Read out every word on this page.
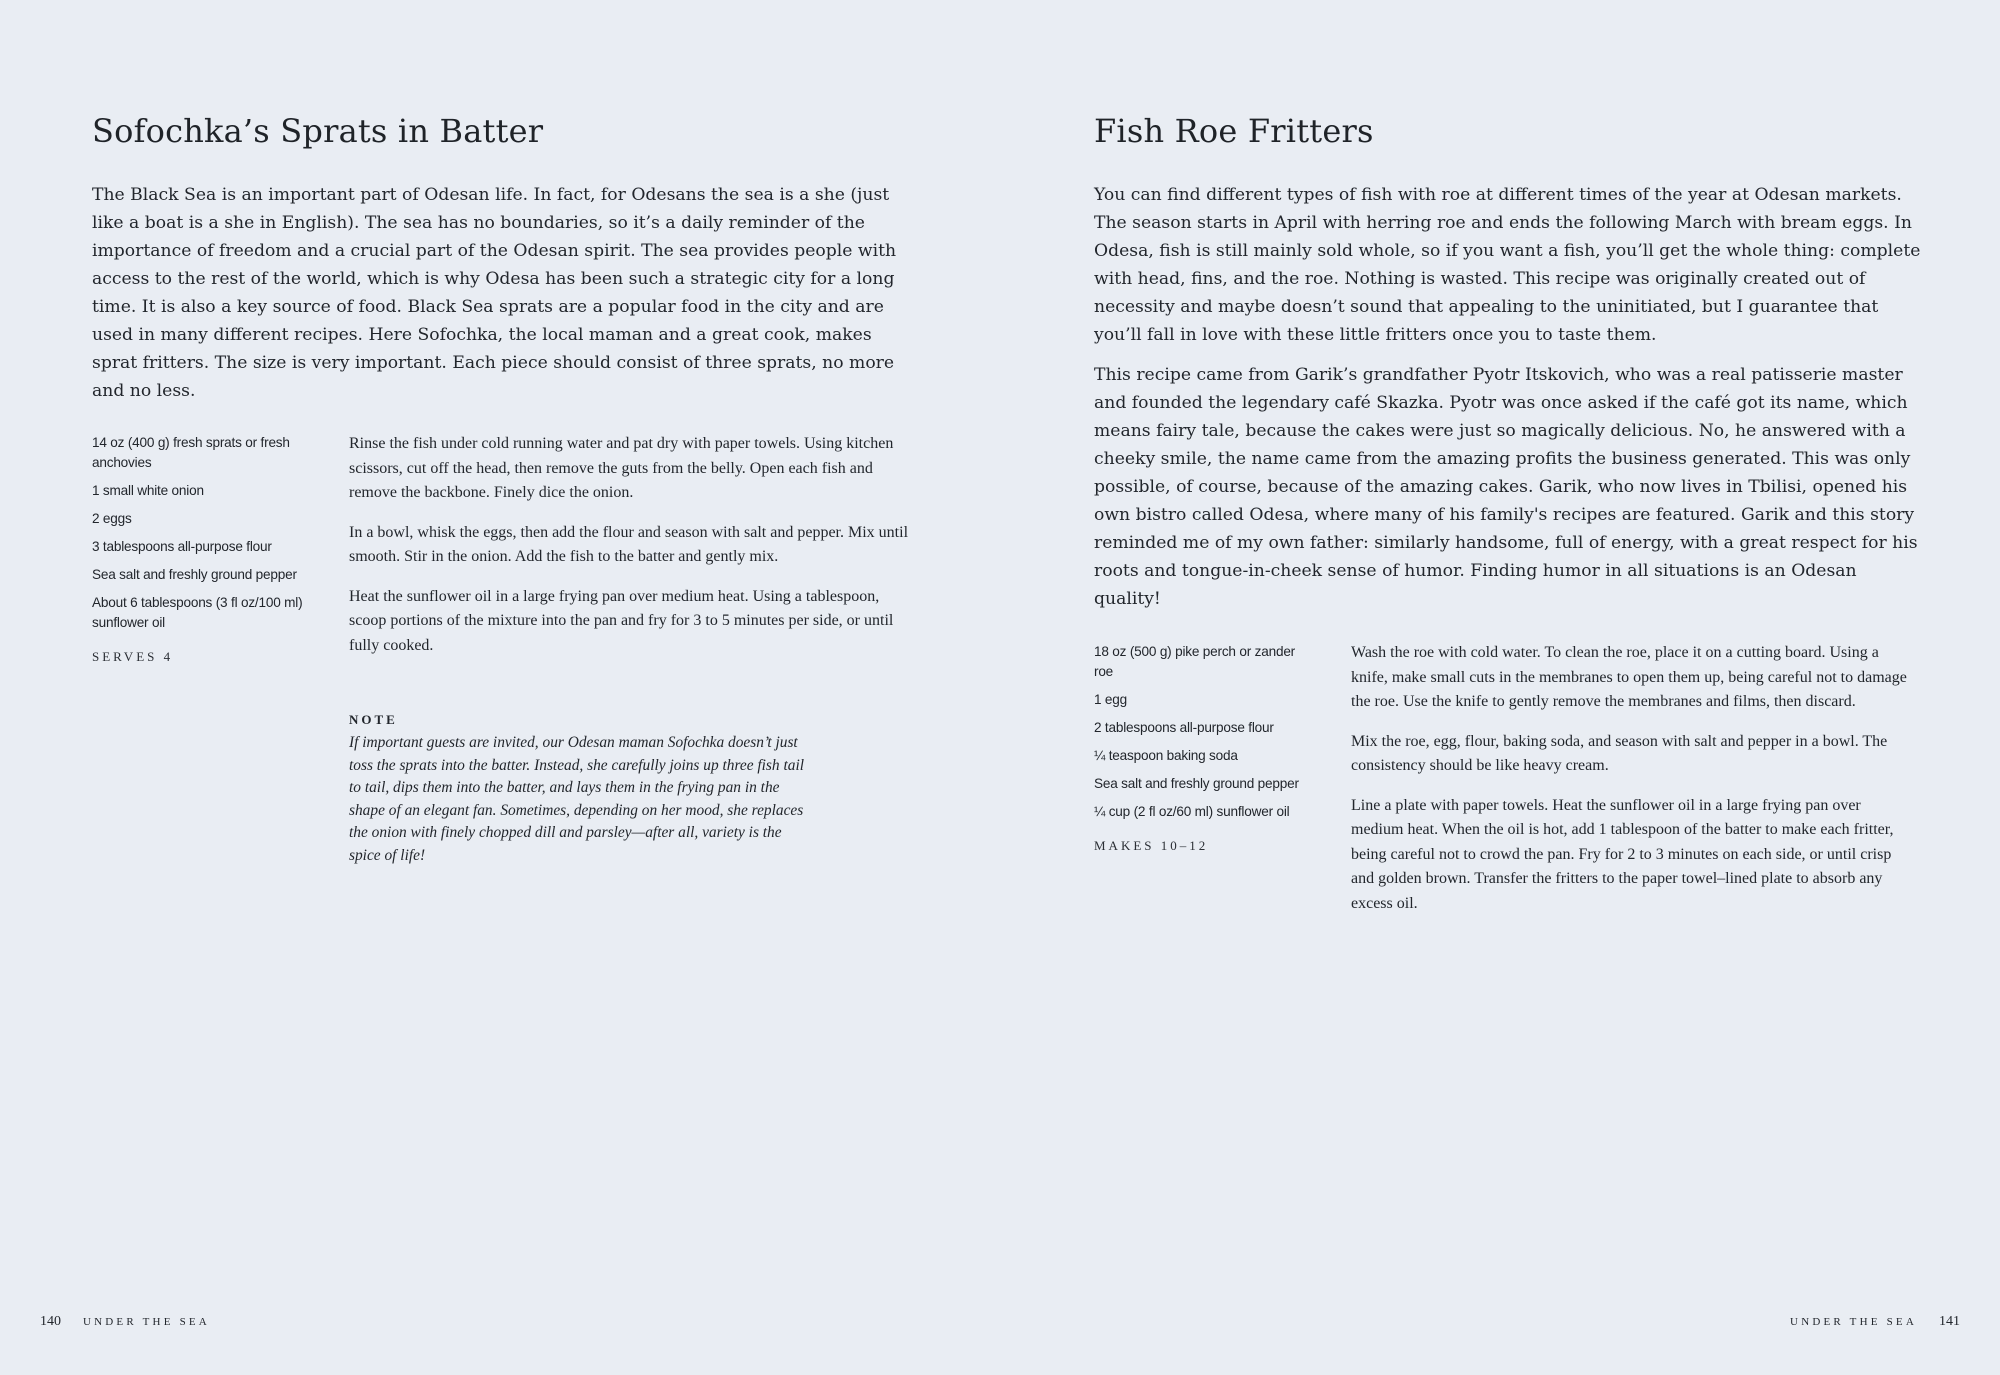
Sofochka’s Sprats in Batter

The Black Sea is an important part of Odesan life. In fact, for Odesans the sea is a she (just like a boat is a she in English). The sea has no boundaries, so it’s a daily reminder of the importance of freedom and a crucial part of the Odesan spirit. The sea provides people with access to the rest of the world, which is why Odesa has been such a strategic city for a long time. It is also a key source of food. Black Sea sprats are a popular food in the city and are used in many different recipes. Here Sofochka, the local maman and a great cook, makes sprat fritters. The size is very important. Each piece should consist of three sprats, no more and no less.

14 oz (400 g) fresh sprats or fresh anchovies
1 small white onion
2 eggs
3 tablespoons all-purpose flour
Sea salt and freshly ground pepper
About 6 tablespoons (3 fl oz/100 ml) sunflower oil
SERVES 4

Rinse the fish under cold running water and pat dry with paper towels. Using kitchen scissors, cut off the head, then remove the guts from the belly. Open each fish and remove the backbone. Finely dice the onion.

In a bowl, whisk the eggs, then add the flour and season with salt and pepper. Mix until smooth. Stir in the onion. Add the fish to the batter and gently mix.

Heat the sunflower oil in a large frying pan over medium heat. Using a tablespoon, scoop portions of the mixture into the pan and fry for 3 to 5 minutes per side, or until fully cooked.

NOTE
If important guests are invited, our Odesan maman Sofochka doesn’t just toss the sprats into the batter. Instead, she carefully joins up three fish tail to tail, dips them into the batter, and lays them in the frying pan in the shape of an elegant fan. Sometimes, depending on her mood, she replaces the onion with finely chopped dill and parsley—after all, variety is the spice of life!
140 UNDER THE SEA
Fish Roe Fritters

You can find different types of fish with roe at different times of the year at Odesan markets. The season starts in April with herring roe and ends the following March with bream eggs. In Odesa, fish is still mainly sold whole, so if you want a fish, you’ll get the whole thing: complete with head, fins, and the roe. Nothing is wasted. This recipe was originally created out of necessity and maybe doesn’t sound that appealing to the uninitiated, but I guarantee that you’ll fall in love with these little fritters once you to taste them.

This recipe came from Garik’s grandfather Pyotr Itskovich, who was a real patisserie master and founded the legendary café Skazka. Pyotr was once asked if the café got its name, which means fairy tale, because the cakes were just so magically delicious. No, he answered with a cheeky smile, the name came from the amazing profits the business generated. This was only possible, of course, because of the amazing cakes. Garik, who now lives in Tbilisi, opened his own bistro called Odesa, where many of his family's recipes are featured. Garik and this story reminded me of my own father: similarly handsome, full of energy, with a great respect for his roots and tongue-in-cheek sense of humor. Finding humor in all situations is an Odesan quality!

18 oz (500 g) pike perch or zander roe
1 egg
2 tablespoons all-purpose flour
¼ teaspoon baking soda
Sea salt and freshly ground pepper
¼ cup (2 fl oz/60 ml) sunflower oil
MAKES 10–12

Wash the roe with cold water. To clean the roe, place it on a cutting board. Using a knife, make small cuts in the membranes to open them up, being careful not to damage the roe. Use the knife to gently remove the membranes and films, then discard.

Mix the roe, egg, flour, baking soda, and season with salt and pepper in a bowl. The consistency should be like heavy cream.

Line a plate with paper towels. Heat the sunflower oil in a large frying pan over medium heat. When the oil is hot, add 1 tablespoon of the batter to make each fritter, being careful not to crowd the pan. Fry for 2 to 3 minutes on each side, or until crisp and golden brown. Transfer the fritters to the paper towel–lined plate to absorb any excess oil.

UNDER THE SEA 141
